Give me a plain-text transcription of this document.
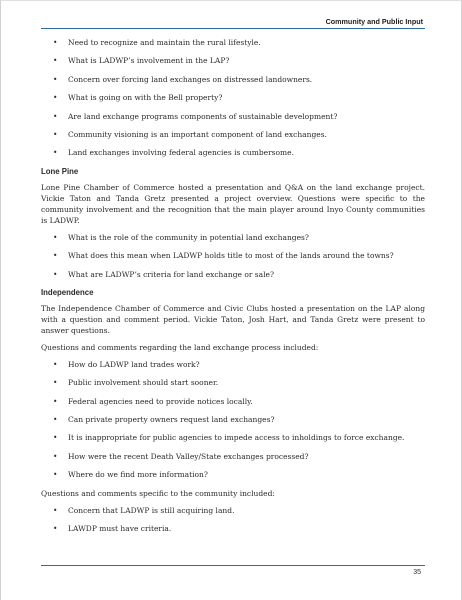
Community and Public Input
• Need to recognize and maintain the rural lifestyle.
• What is LADWP’s involvement in the LAP?
• Concern over forcing land exchanges on distressed landowners.
• What is going on with the Bell property?
• Are land exchange programs components of sustainable development?
• Community visioning is an important component of land exchanges.
• Land exchanges involving federal agencies is cumbersome.
Lone Pine

Lone Pine Chamber of Commerce hosted a presentation and Q&A on the land exchange project. Vickie Taton and Tanda Gretz presented a project overview. Questions were specific to the community involvement and the recognition that the main player around Inyo County communities is LADWP.

• What is the role of the community in potential land exchanges?
• What does this mean when LADWP holds title to most of the lands around the towns?
• What are LADWP’s criteria for land exchange or sale?
Independence

The Independence Chamber of Commerce and Civic Clubs hosted a presentation on the LAP along with a question and comment period. Vickie Taton, Josh Hart, and Tanda Gretz were present to answer questions.

Questions and comments regarding the land exchange process included:

• How do LADWP land trades work?
• Public involvement should start sooner.
• Federal agencies need to provide notices locally.
• Can private property owners request land exchanges?
• It is inappropriate for public agencies to impede access to inholdings to force exchange.
• How were the recent Death Valley/State exchanges processed?
• Where do we find more information?

Questions and comments specific to the community included:

• Concern that LADWP is still acquiring land.
• LAWDP must have criteria.
35
